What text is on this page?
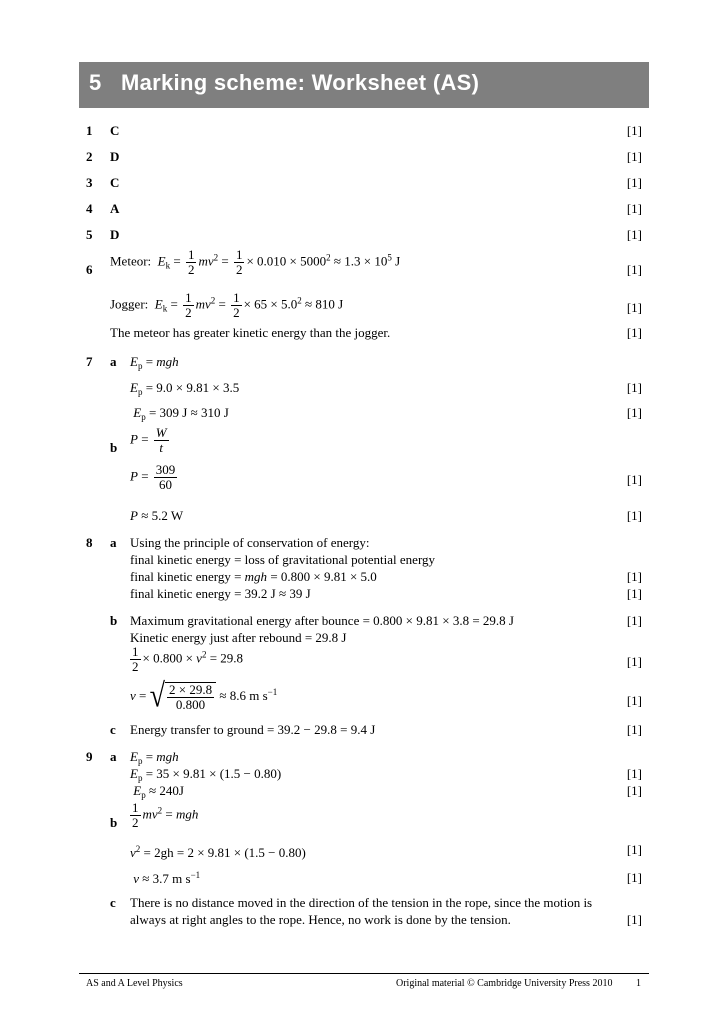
5 Marking scheme: Worksheet (AS)
1 C	[1]
2 D	[1]
3 C	[1]
4 A	[1]
5 D	[1]
6
Meteor: $E_k = \frac{1}{2} mv^2 = \frac{1}{2} \times 0.010 \times 5000^2 \approx 1.3 \times 10^5$ J
[1]
Jogger: $E_k = \frac{1}{2} mv^2 = \frac{1}{2} \times 65 \times 5.0^2 \approx 810$ J	[1]
The meteor has greater kinetic energy than the jogger.	[1]
7 a $E_p$ = mgh
$E_p = 9.0 \times 9.81 \times 3.5$	[1]
$E_p = 309$ J ≈ 310 J	[1]
b
$P = \frac{W}{t}$
$P = \frac{309}{60}$	[1]
P ≈ 5.2 W	[1]
8 a Using the principle of conservation of energy:
final kinetic energy = loss of gravitational potential energy
final kinetic energy = mgh = 0.800 × 9.81 × 5.0	[1]
final kinetic energy = 39.2 J ≈ 39 J	[1]
b Maximum gravitational energy after bounce = 0.800 × 9.81 × 3.8 = 29.8 J	[1]
Kinetic energy just after rebound = 29.8 J
$\frac{1}{2} \times 0.800 \times v^2 = 29.8$	[1]
v = √ $\frac{2 \times 29.8}{0.800} \approx 8.6$ m $s^{-1}$
[1]
c Energy transfer to ground = 39.2 − 29.8 = 9.4 J	[1]
9 a $E_p$ = mgh
$E_p = 35 \times 9.81 \times (1.5 - 0.80)$	[1]
$E_p \approx 240J$	[1]
b $\frac{1}{2} mv^2$ = mgh
$v^2 = 2gh = 2 \times 9.81 \times (1.5 - 0.80)$	[1]
v ≈ 3.7 m $s^{-1}$	[1]
c There is no distance moved in the direction of the tension in the rope, since the motion is
always at right angles to the rope. Hence, no work is done by the tension.	[1]
AS and A Level Physics	Original material © Cambridge University Press 2010 1
